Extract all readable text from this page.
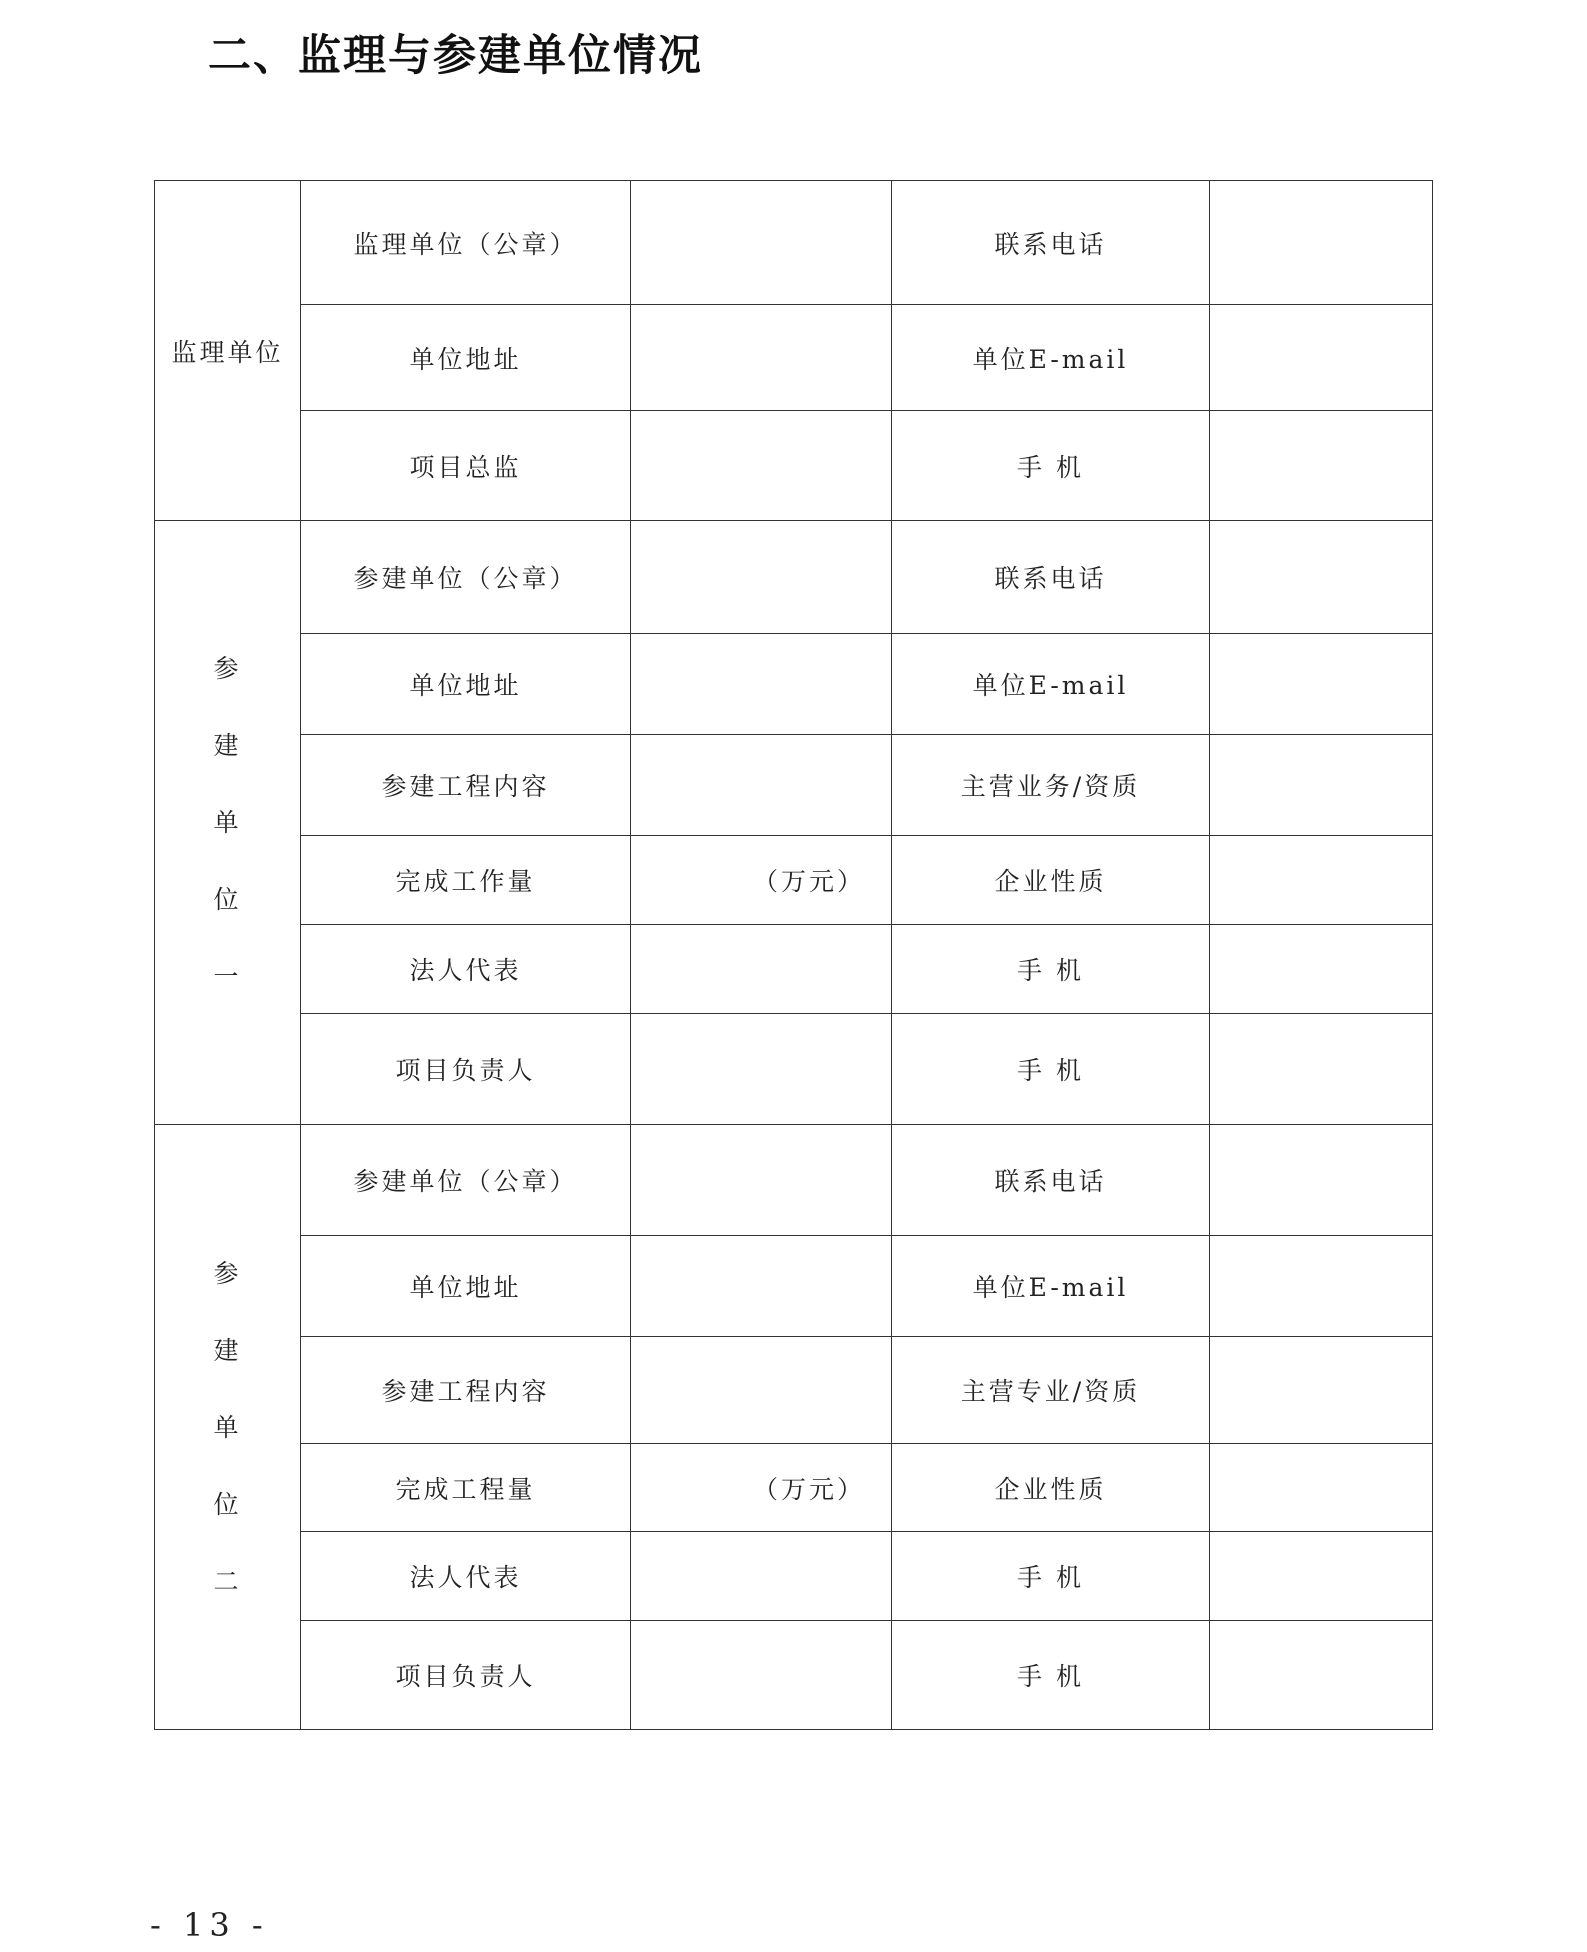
二、监理与参建单位情况
监理单位	监理单位（公章）		联系电话	
	单位地址		单位E-mail	
	项目总监		手 机	

参
建
单
位
一	参建单位（公章）		联系电话	
	单位地址		单位E-mail	
	参建工程内容		主营业务/资质	
	完成工作量	（万元）	企业性质	
	法人代表		手 机	
	项目负责人		手 机	

参
建
单
位
二	参建单位（公章）		联系电话	
	单位地址		单位E-mail	
	参建工程内容		主营专业/资质	
	完成工程量	（万元）	企业性质	
	法人代表		手 机	
	项目负责人		手 机	
- 13 -
